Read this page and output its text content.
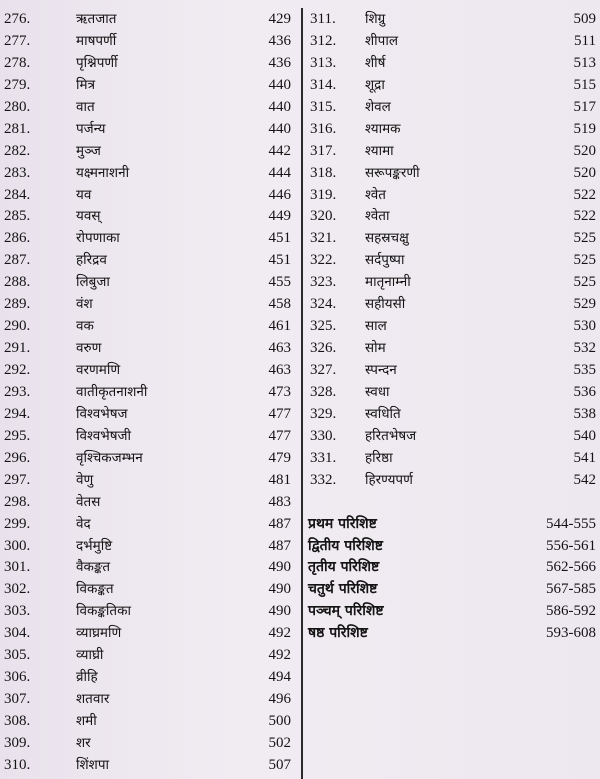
276.	ऋतजात	429
277.	माषपर्णी	436
278.	पृश्निपर्णी	436
279.	मित्र	440
280.	वात	440
281.	पर्जन्य	440
282.	मुञ्ज	442
283.	यक्ष्मनाशनी	444
284.	यव	446
285.	यवस्	449
286.	रोपणाका	451
287.	हरिद्रव	451
288.	लिबुजा	455
289.	वंश	458
290.	वक	461
291.	वरुण	463
292.	वरणमणि	463
293.	वातीकृतनाशनी	473
294.	विश्वभेषज	477
295.	विश्वभेषजी	477
296.	वृश्चिकजम्भन	479
297.	वेणु	481
298.	वेतस	483
299.	वेद	487
300.	दर्भमुष्टि	487
301.	वैकङ्कत	490
302.	विकङ्कत	490
303.	विकङ्कतिका	490
304.	व्याघ्रमणि	492
305.	व्याघ्री	492
306.	व्रीहि	494
307.	शतवार	496
308.	शमी	500
309.	शर	502
310.	शिंशपा	507
311. शिग्रु	509
312. शीपाल	511
313. शीर्ष	513
314. शूद्रा	515
315. शेवल	517
316. श्यामक	519
317. श्यामा	520
318. सरूपङ्करणी	520
319. श्वेत	522
320. श्वेता	522
321. सहस्रचक्षु	525
322. सर्दपुष्पा	525
323. मातृनाम्नी	525
324. सहीयसी	529
325. साल	530
326. सोम	532
327. स्पन्दन	535
328. स्वधा	536
329. स्वधिति	538
330. हरितभेषज	540
331. हरिष्ठा	541
332. हिरण्यपर्ण	542
प्रथम परिशिष्ट	544-555
द्वितीय परिशिष्ट	556-561
तृतीय परिशिष्ट	562-566
चतुर्थ परिशिष्ट	567-585
पञ्चम् परिशिष्ट	586-592
षष्ठ परिशिष्ट	593-608
